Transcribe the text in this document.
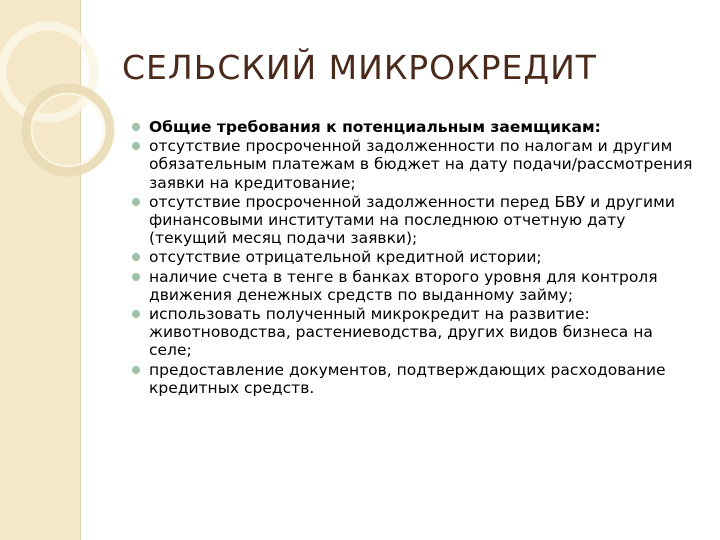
СЕЛЬСКИЙ МИКРОКРЕДИТ
Общие требования к потенциальным заемщикам:
отсутствие просроченной задолженности по налогам и другим обязательным платежам в бюджет на дату подачи/рассмотрения заявки на кредитование;
отсутствие просроченной задолженности перед БВУ и другими финансовыми институтами на последнюю отчетную дату (текущий месяц подачи заявки);
отсутствие отрицательной кредитной истории;
наличие счета в тенге в банках второго уровня для контроля движения денежных средств по выданному займу;
использовать полученный микрокредит на развитие: животноводства, растениеводства, других видов бизнеса на селе;
предоставление документов, подтверждающих расходование кредитных средств.
